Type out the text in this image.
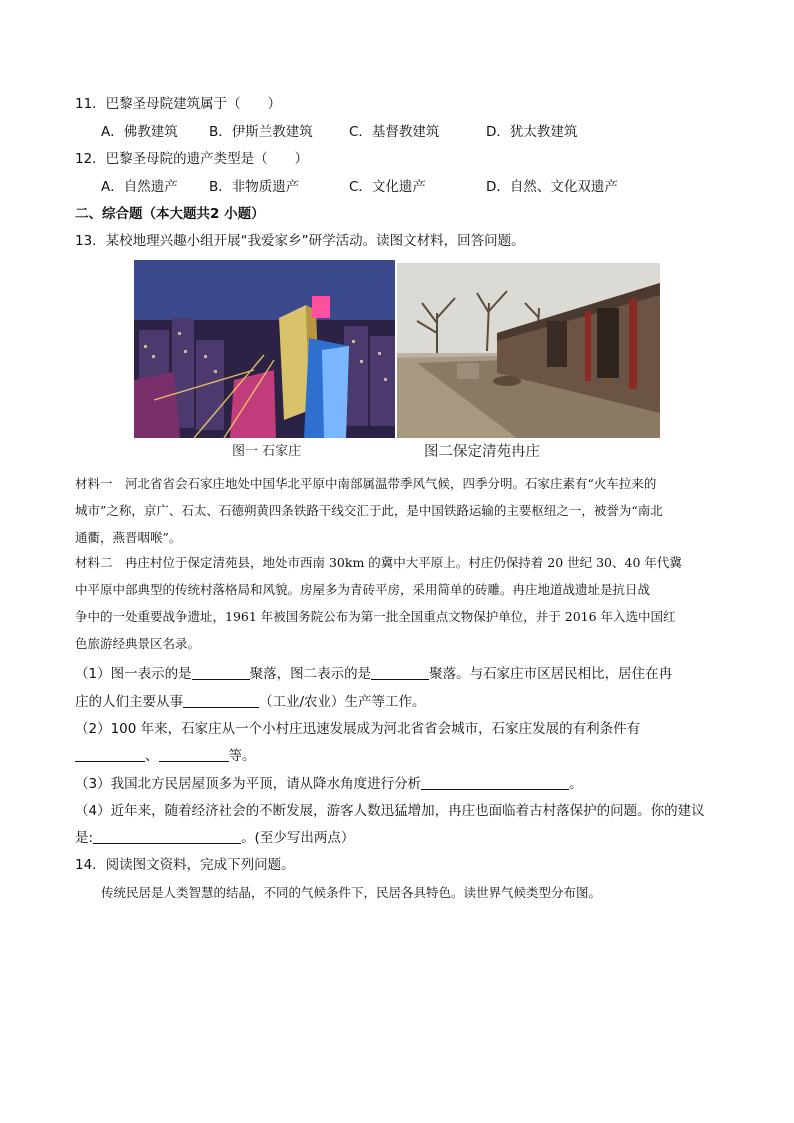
11．巴黎圣母院建筑属于（　　）
A．佛教建筑 B．伊斯兰教建筑	C．基督教建筑	D．犹太教建筑
12．巴黎圣母院的遗产类型是（　　）
A．自然遗产 B．非物质遗产	C．文化遗产	D．自然、文化双遗产
二、综合题（本大题共2 小题）
13．某校地理兴趣小组开展“我爱家乡”研学活动。读图文材料，回答问题。
图一 石家庄	图二保定清苑冉庄
材料一　河北省省会石家庄地处中国华北平原中南部属温带季风气候，四季分明。石家庄素有“火车拉来的
城市”之称，京广、石太、石德朔黄四条铁路干线交汇于此，是中国铁路运输的主要枢纽之一，被誉为“南北
通衢，燕晋咽喉”。
材料二　冉庄村位于保定清苑县，地处市西南 30km 的冀中大平原上。村庄仍保持着 20 世纪 30、40 年代冀
中平原中部典型的传统村落格局和风貌。房屋多为青砖平房，采用简单的砖雕。冉庄地道战遗址是抗日战
争中的一处重要战争遗址，1961 年被国务院公布为第一批全国重点文物保护单位，并于 2016 年入选中国红
色旅游经典景区名录。
（1）图一表示的是	聚落，图二表示的是	聚落。与石家庄市区居民相比，居住在冉
庄的人们主要从事	（工业/农业）生产等工作。
（2）100 年来，石家庄从一个小村庄迅速发展成为河北省省会城市，石家庄发展的有利条件有
、	等。
（3）我国北方民居屋顶多为平顶，请从降水角度进行分析	。
（4）近年来，随着经济社会的不断发展，游客人数迅猛增加，冉庄也面临着古村落保护的问题。你的建议
是:	。(至少写出两点）
14．阅读图文资料，完成下列问题。
传统民居是人类智慧的结晶，不同的气候条件下，民居各具特色。读世界气候类型分布图。
